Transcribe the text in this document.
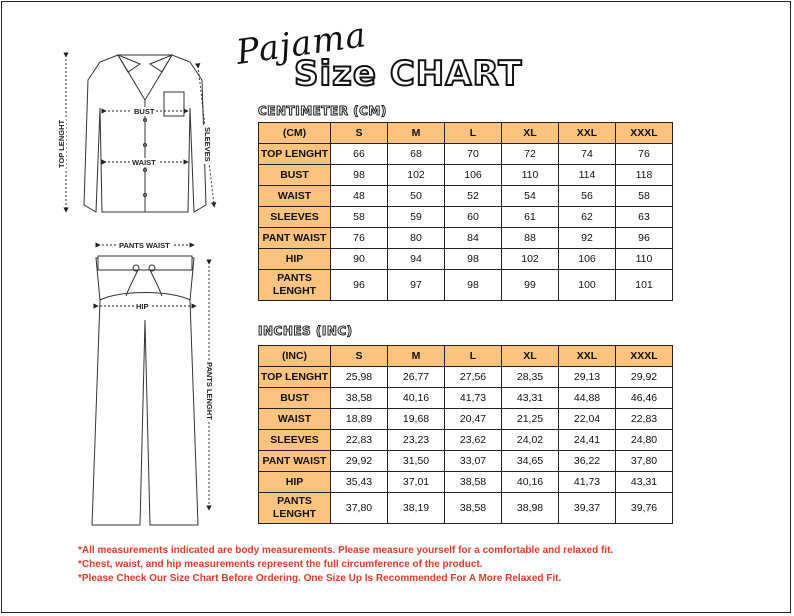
BUST
WAIST
TOP LENGHT	SLEEVES
PANTS WAIST
HIP
PANTS LENGHT
Pajama
Size CHART
CENTIMETER (CM)
(CM)	S	M	L	XL	XXL	XXXL
TOP LENGHT	66	68	70	72	74	76
BUST	98	102	106	110	114	118
WAIST	48	50	52	54	56	58
SLEEVES	58	59	60	61	62	63
PANT WAIST	76	80	84	88	92	96
HIP	90	94	98	102	106	110
PANTS LENGHT	96	97	98	99	100	101
INCHES (INC)
(INC)	S	M	L	XL	XXL	XXXL
TOP LENGHT	25,98	26,77	27,56	28,35	29,13	29,92
BUST	38,58	40,16	41,73	43,31	44,88	46,46
WAIST	18,89	19,68	20,47	21,25	22,04	22,83
SLEEVES	22,83	23,23	23,62	24,02	24,41	24,80
PANT WAIST	29,92	31,50	33,07	34,65	36,22	37,80
HIP	35,43	37,01	38,58	40,16	41,73	43,31
PANTS LENGHT	37,80	38,19	38,58	38,98	39,37	39,76
*All measurements indicated are body measurements. Please measure yourself for a comfortable and relaxed fit.
*Chest, waist, and hip measurements represent the full circumference of the product.
*Please Check Our Size Chart Before Ordering. One Size Up Is Recommended For A More Relaxed Fit.
